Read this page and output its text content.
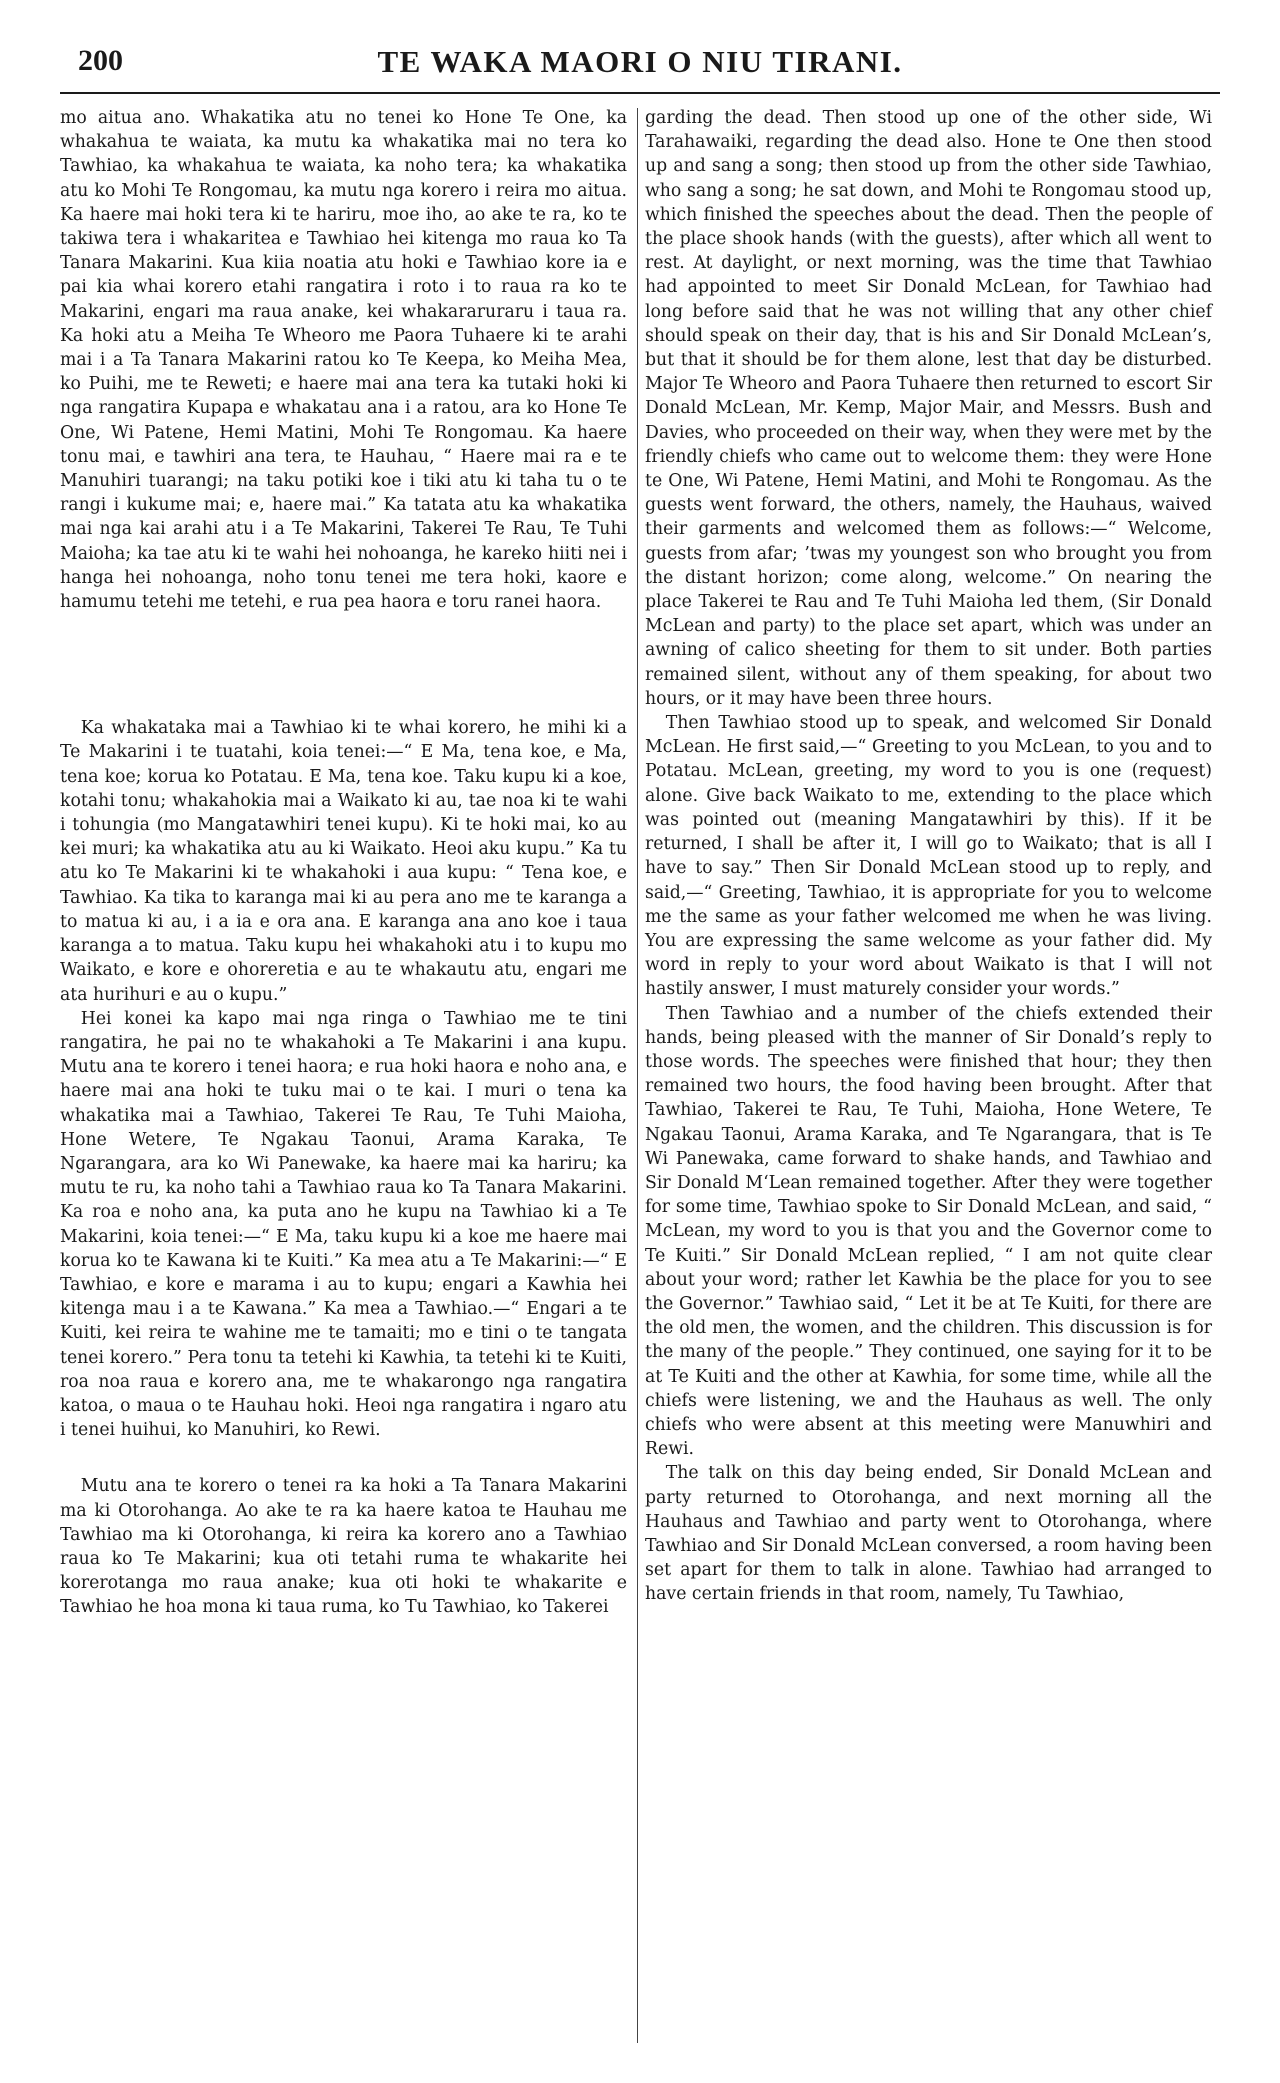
200	TE WAKA MAORI O NIU TIRANI.

mo aitua ano. Whakatika atu no tenei ko Hone Te One, ka whakahua te waiata, ka mutu ka whakatika mai no tera ko Tawhiao, ka whakahua te waiata, ka noho tera; ka whakatika atu ko Mohi Te Rongomau, ka mutu nga korero i reira mo aitua. Ka haere mai hoki tera ki te hariru, moe iho, ao ake te ra, ko te takiwa tera i whakaritea e Tawhiao hei kitenga mo raua ko Ta Tanara Makarini. Kua kiia noatia atu hoki e Tawhiao kore ia e pai kia whai korero etahi rangatira i roto i to raua ra ko te Makarini, engari ma raua anake, kei whakararuraru i taua ra. Ka hoki atu a Meiha Te Wheoro me Paora Tuhaere ki te arahi mai i a Ta Tanara Makarini ratou ko Te Keepa, ko Meiha Mea, ko Puihi, me te Reweti; e haere mai ana tera ka tutaki hoki ki nga rangatira Kupapa e whakatau ana i a ratou, ara ko Hone Te One, Wi Patene, Hemi Matini, Mohi Te Rongomau. Ka haere tonu mai, e tawhiri ana tera, te Hauhau, “ Haere mai ra e te Manuhiri tuarangi; na taku potiki koe i tiki atu ki taha tu o te rangi i kukume mai; e, haere mai.” Ka tatata atu ka whakatika mai nga kai arahi atu i a Te Makarini, Takerei Te Rau, Te Tuhi Maioha; ka tae atu ki te wahi hei nohoanga, he kareko hiiti nei i hanga hei nohoanga, noho tonu tenei me tera hoki, kaore e hamumu tetehi me tetehi, e rua pea haora e toru ranei haora.

Ka whakataka mai a Tawhiao ki te whai korero, he mihi ki a Te Makarini i te tuatahi, koia tenei:—“ E Ma, tena koe, e Ma, tena koe; korua ko Potatau. E Ma, tena koe. Taku kupu ki a koe, kotahi tonu; whakahokia mai a Waikato ki au, tae noa ki te wahi i tohungia (mo Mangatawhiri tenei kupu). Ki te hoki mai, ko au kei muri; ka whakatika atu au ki Waikato. Heoi aku kupu.” Ka tu atu ko Te Makarini ki te whakahoki i aua kupu: “ Tena koe, e Tawhiao. Ka tika to karanga mai ki au pera ano me te karanga a to matua ki au, i a ia e ora ana. E karanga ana ano koe i taua karanga a to matua. Taku kupu hei whakahoki atu i to kupu mo Waikato, e kore e ohoreretia e au te whakautu atu, engari me ata hurihuri e au o kupu.”

Hei konei ka kapo mai nga ringa o Tawhiao me te tini rangatira, he pai no te whakahoki a Te Makarini i ana kupu. Mutu ana te korero i tenei haora; e rua hoki haora e noho ana, e haere mai ana hoki te tuku mai o te kai. I muri o tena ka whakatika mai a Tawhiao, Takerei Te Rau, Te Tuhi Maioha, Hone Wetere, Te Ngakau Taonui, Arama Karaka, Te Ngarangara, ara ko Wi Panewake, ka haere mai ka hariru; ka mutu te ru, ka noho tahi a Tawhiao raua ko Ta Tanara Makarini. Ka roa e noho ana, ka puta ano he kupu na Tawhiao ki a Te Makarini, koia tenei:—“ E Ma, taku kupu ki a koe me haere mai korua ko te Kawana ki te Kuiti.” Ka mea atu a Te Makarini:—“ E Tawhiao, e kore e marama i au to kupu; engari a Kawhia hei kitenga mau i a te Kawana.” Ka mea a Tawhiao.—“ Engari a te Kuiti, kei reira te wahine me te tamaiti; mo e tini o te tangata tenei korero.” Pera tonu ta tetehi ki Kawhia, ta tetehi ki te Kuiti, roa noa raua e korero ana, me te whakarongo nga rangatira katoa, o maua o te Hauhau hoki. Heoi nga rangatira i ngaro atu i tenei huihui, ko Manuhiri, ko Rewi.

Mutu ana te korero o tenei ra ka hoki a Ta Tanara Makarini ma ki Otorohanga. Ao ake te ra ka haere katoa te Hauhau me Tawhiao ma ki Otorohanga, ki reira ka korero ano a Tawhiao raua ko Te Makarini; kua oti tetahi ruma te whakarite hei korerotanga mo raua anake; kua oti hoki te whakarite e Tawhiao he hoa mona ki taua ruma, ko Tu Tawhiao, ko Takerei

garding the dead. Then stood up one of the other side, Wi Tarahawaiki, regarding the dead also. Hone te One then stood up and sang a song; then stood up from the other side Tawhiao, who sang a song; he sat down, and Mohi te Rongomau stood up, which finished the speeches about the dead. Then the people of the place shook hands (with the guests), after which all went to rest. At daylight, or next morning, was the time that Tawhiao had appointed to meet Sir Donald McLean, for Tawhiao had long before said that he was not willing that any other chief should speak on their day, that is his and Sir Donald McLean’s, but that it should be for them alone, lest that day be disturbed. Major Te Wheoro and Paora Tuhaere then returned to escort Sir Donald McLean, Mr. Kemp, Major Mair, and Messrs. Bush and Davies, who proceeded on their way, when they were met by the friendly chiefs who came out to welcome them: they were Hone te One, Wi Patene, Hemi Matini, and Mohi te Rongomau. As the guests went forward, the others, namely, the Hauhaus, waived their garments and welcomed them as follows:—“ Welcome, guests from afar; ’twas my youngest son who brought you from the distant horizon; come along, welcome.” On nearing the place Takerei te Rau and Te Tuhi Maioha led them, (Sir Donald McLean and party) to the place set apart, which was under an awning of calico sheeting for them to sit under. Both parties remained silent, without any of them speaking, for about two hours, or it may have been three hours.

Then Tawhiao stood up to speak, and welcomed Sir Donald McLean. He first said,—“ Greeting to you McLean, to you and to Potatau. McLean, greeting, my word to you is one (request) alone. Give back Waikato to me, extending to the place which was pointed out (meaning Mangatawhiri by this). If it be returned, I shall be after it, I will go to Waikato; that is all I have to say.” Then Sir Donald McLean stood up to reply, and said,—“ Greeting, Tawhiao, it is appropriate for you to welcome me the same as your father welcomed me when he was living. You are expressing the same welcome as your father did. My word in reply to your word about Waikato is that I will not hastily answer, I must maturely consider your words.”

Then Tawhiao and a number of the chiefs extended their hands, being pleased with the manner of Sir Donald’s reply to those words. The speeches were finished that hour; they then remained two hours, the food having been brought. After that Tawhiao, Takerei te Rau, Te Tuhi, Maioha, Hone Wetere, Te Ngakau Taonui, Arama Karaka, and Te Ngarangara, that is Te Wi Panewaka, came forward to shake hands, and Tawhiao and Sir Donald M‘Lean remained together. After they were together for some time, Tawhiao spoke to Sir Donald McLean, and said, “ McLean, my word to you is that you and the Governor come to Te Kuiti.” Sir Donald McLean replied, “ I am not quite clear about your word; rather let Kawhia be the place for you to see the Governor.” Tawhiao said, “ Let it be at Te Kuiti, for there are the old men, the women, and the children. This discussion is for the many of the people.” They continued, one saying for it to be at Te Kuiti and the other at Kawhia, for some time, while all the chiefs were listening, we and the Hauhaus as well. The only chiefs who were absent at this meeting were Manuwhiri and Rewi.

The talk on this day being ended, Sir Donald McLean and party returned to Otorohanga, and next morning all the Hauhaus and Tawhiao and party went to Otorohanga, where Tawhiao and Sir Donald McLean conversed, a room having been set apart for them to talk in alone. Tawhiao had arranged to have certain friends in that room, namely, Tu Tawhiao,
